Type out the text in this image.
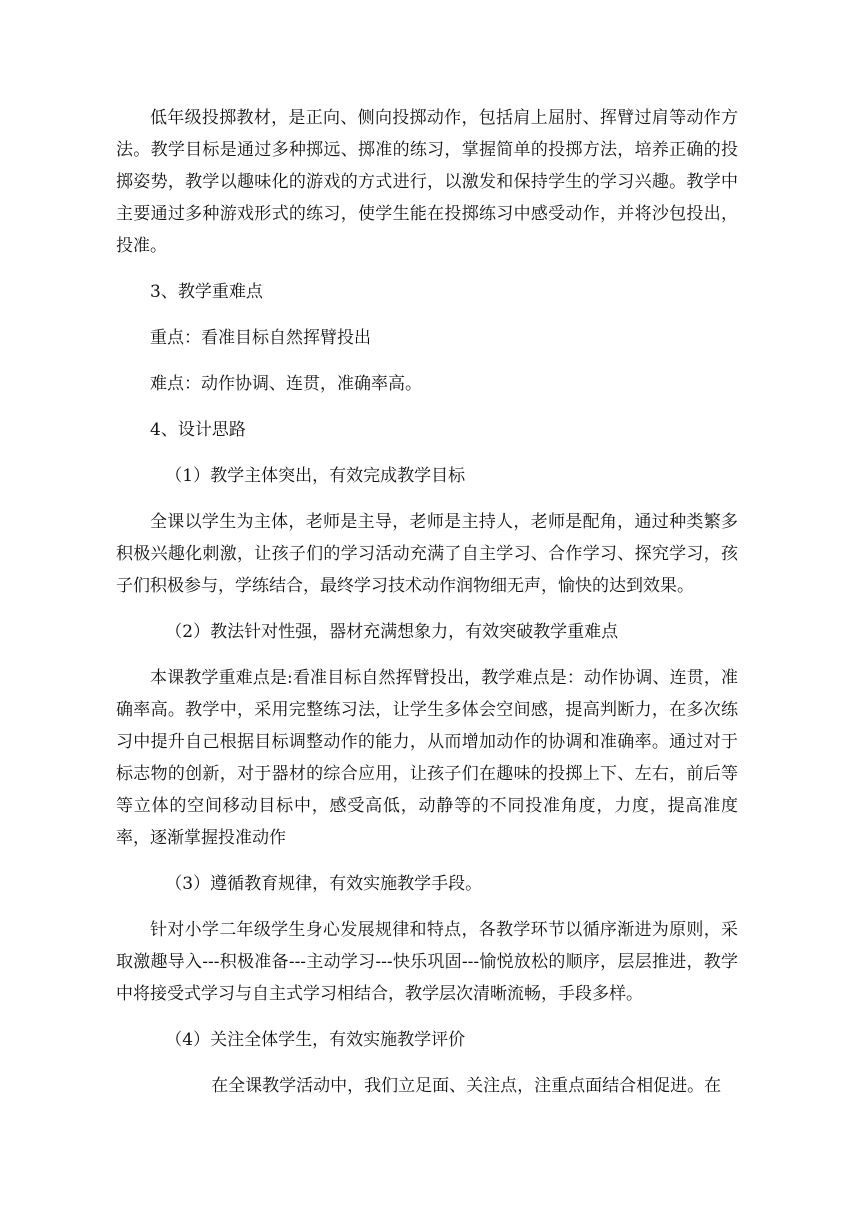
低年级投掷教材，是正向、侧向投掷动作，包括肩上屈肘、挥臂过肩等动作方法。教学目标是通过多种掷远、掷准的练习，掌握简单的投掷方法，培养正确的投掷姿势，教学以趣味化的游戏的方式进行，以激发和保持学生的学习兴趣。教学中主要通过多种游戏形式的练习，使学生能在投掷练习中感受动作，并将沙包投出，投准。

3、教学重难点

重点：看准目标自然挥臂投出

难点：动作协调、连贯，准确率高。

4、设计思路

（1）教学主体突出，有效完成教学目标

全课以学生为主体，老师是主导，老师是主持人，老师是配角，通过种类繁多积极兴趣化刺激，让孩子们的学习活动充满了自主学习、合作学习、探究学习，孩子们积极参与，学练结合，最终学习技术动作润物细无声，愉快的达到效果。

（2）教法针对性强，器材充满想象力，有效突破教学重难点

本课教学重难点是:看准目标自然挥臂投出，教学难点是：动作协调、连贯，准确率高。教学中，采用完整练习法，让学生多体会空间感，提高判断力，在多次练习中提升自己根据目标调整动作的能力，从而增加动作的协调和准确率。通过对于标志物的创新，对于器材的综合应用，让孩子们在趣味的投掷上下、左右，前后等等立体的空间移动目标中，感受高低，动静等的不同投准角度，力度，提高准度率，逐渐掌握投准动作

（3）遵循教育规律，有效实施教学手段。

针对小学二年级学生身心发展规律和特点，各教学环节以循序渐进为原则，采取激趣导入---积极准备---主动学习---快乐巩固---愉悦放松的顺序，层层推进，教学中将接受式学习与自主式学习相结合，教学层次清晰流畅，手段多样。

（4）关注全体学生，有效实施教学评价

在全课教学活动中，我们立足面、关注点，注重点面结合相促进。在
